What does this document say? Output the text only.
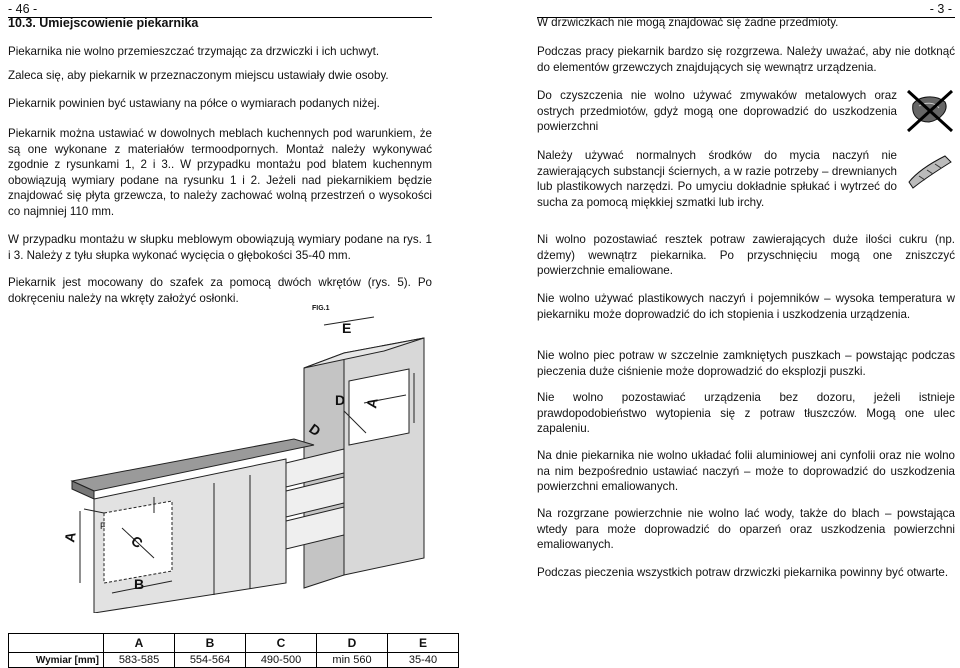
- 46 -	- 3 -
10.3. Umiejscowienie piekarnika
Piekarnika nie wolno przemieszczać trzymając za drzwiczki i ich uchwyt.
Zaleca się, aby piekarnik w przeznaczonym miejscu ustawiały dwie osoby.
Piekarnik powinien być ustawiany na półce o wymiarach podanych niżej.
Piekarnik można ustawiać w dowolnych meblach kuchennych pod warunkiem, że są one wykonane z materiałów termoodpornych. Montaż należy wykonywać zgodnie z rysunkami 1, 2 i 3.. W przypadku montażu pod blatem kuchennym obowiązują wymiary podane na rysunku 1 i 2. Jeżeli nad piekarnikiem będzie znajdować się płyta grzewcza, to należy zachować wolną przestrzeń o wysokości co najmniej 110 mm.
W przypadku montażu w słupku meblowym obowiązują wymiary podane na rys. 1 i 3. Należy z tyłu słupka wykonać wycięcia o głębokości 35-40 mm.
Piekarnik jest mocowany do szafek za pomocą dwóch wkrętów (rys. 5). Po dokręceniu należy na wkręty założyć osłonki.
FIG.1
E
D A
D
A	C
F
B
W drzwiczkach nie mogą znajdować się żadne przedmioty.
Podczas pracy piekarnik bardzo się rozgrzewa. Należy uważać, aby nie dotknąć do elementów grzewczych znajdujących się wewnątrz urządzenia.
Do czyszczenia nie wolno używać zmywaków metalowych oraz ostrych przedmiotów, gdyż mogą one doprowadzić do uszkodzenia powierzchni
Należy używać normalnych środków do mycia naczyń nie zawierających substancji ściernych, a w razie potrzeby – drewnianych lub plastikowych narzędzi. Po umyciu dokładnie spłukać i wytrzeć do sucha za pomocą miękkiej szmatki lub irchy.
Ni wolno pozostawiać resztek potraw zawierających duże ilości cukru (np. dżemy) wewnątrz piekarnika. Po przyschnięciu mogą one zniszczyć powierzchnie emaliowane.
Nie wolno używać plastikowych naczyń i pojemników – wysoka temperatura w piekarniku może doprowadzić do ich stopienia i uszkodzenia urządzenia.
Nie wolno piec potraw w szczelnie zamkniętych puszkach – powstając podczas pieczenia duże ciśnienie może doprowadzić do eksplozji puszki.
Nie wolno pozostawiać urządzenia bez dozoru, jeżeli istnieje prawdopodobieństwo wytopienia się z potraw tłuszczów. Mogą one ulec zapaleniu.
Na dnie piekarnika nie wolno układać folii aluminiowej ani cynfolii oraz nie wolno na nim bezpośrednio ustawiać naczyń – może to doprowadzić do uszkodzenia powierzchni emaliowanych.
Na rozgrzane powierzchnie nie wolno lać wody, także do blach – powstająca wtedy para może doprowadzić do oparzeń oraz uszkodzenia powierzchni emaliowanych.
Podczas pieczenia wszystkich potraw drzwiczki piekarnika powinny być otwarte.
	A	B	C	D	E
Wymiar [mm]	583-585	554-564	490-500	min 560	35-40
